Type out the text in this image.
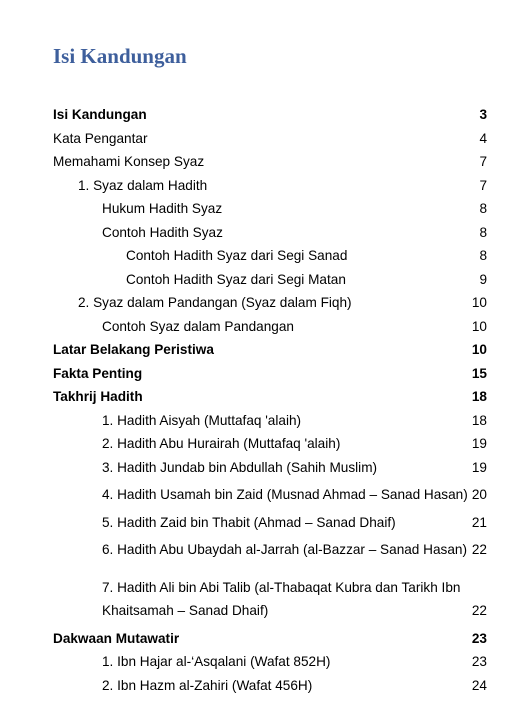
Isi Kandungan
Isi Kandungan	3
Kata Pengantar	4
Memahami Konsep Syaz	7
1. Syaz dalam Hadith	7
Hukum Hadith Syaz	8
Contoh Hadith Syaz	8
Contoh Hadith Syaz dari Segi Sanad	8
Contoh Hadith Syaz dari Segi Matan	9
2. Syaz dalam Pandangan (Syaz dalam Fiqh)	10
Contoh Syaz dalam Pandangan	10
Latar Belakang Peristiwa	10
Fakta Penting	15
Takhrij Hadith	18
1. Hadith Aisyah (Muttafaq 'alaih)	18
2. Hadith Abu Hurairah (Muttafaq 'alaih)	19
3. Hadith Jundab bin Abdullah (Sahih Muslim)	19
4. Hadith Usamah bin Zaid (Musnad Ahmad – Sanad Hasan) 20
5. Hadith Zaid bin Thabit (Ahmad – Sanad Dhaif)	21
6. Hadith Abu Ubaydah al-Jarrah (al-Bazzar – Sanad Hasan) 22
7. Hadith Ali bin Abi Talib (al-Thabaqat Kubra dan Tarikh Ibn Khaitsamah – Sanad Dhaif)	22
Dakwaan Mutawatir	23
1. Ibn Hajar al-‘Asqalani (Wafat 852H)	23
2. Ibn Hazm al-Zahiri (Wafat 456H)	24
